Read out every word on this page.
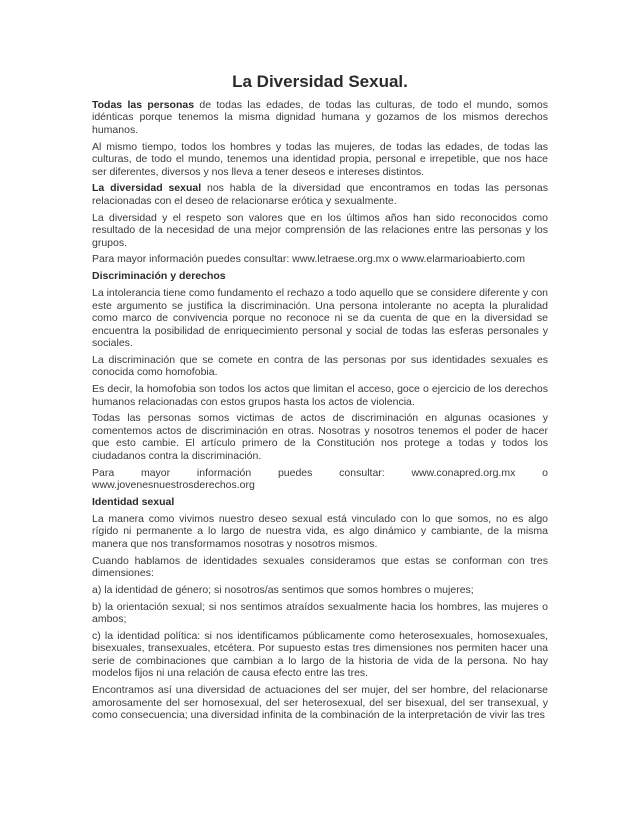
La Diversidad Sexual.

Todas las personas de todas las edades, de todas las culturas, de todo el mundo, somos idénticas porque tenemos la misma dignidad humana y gozamos de los mismos derechos humanos.

Al mismo tiempo, todos los hombres y todas las mujeres, de todas las edades, de todas las culturas, de todo el mundo, tenemos una identidad propia, personal e irrepetible, que nos hace ser diferentes, diversos y nos lleva a tener deseos e intereses distintos.

La diversidad sexual nos habla de la diversidad que encontramos en todas las personas relacionadas con el deseo de relacionarse erótica y sexualmente.

La diversidad y el respeto son valores que en los últimos años han sido reconocidos como resultado de la necesidad de una mejor comprensión de las relaciones entre las personas y los grupos.

Para mayor información puedes consultar: www.letraese.org.mx o www.elarmarioabierto.com

Discriminación y derechos

La intolerancia tiene como fundamento el rechazo a todo aquello que se considere diferente y con este argumento se justifica la discriminación. Una persona intolerante no acepta la pluralidad como marco de convivencia porque no reconoce ni se da cuenta de que en la diversidad se encuentra la posibilidad de enriquecimiento personal y social de todas las esferas personales y sociales.

La discriminación que se comete en contra de las personas por sus identidades sexuales es conocida como homofobia.

Es decir, la homofobia son todos los actos que limitan el acceso, goce o ejercicio de los derechos humanos relacionadas con estos grupos hasta los actos de violencia.

Todas las personas somos victimas de actos de discriminación en algunas ocasiones y comentemos actos de discriminación en otras. Nosotras y nosotros tenemos el poder de hacer que esto cambie. El artículo primero de la Constitución nos protege a todas y todos los ciudadanos contra la discriminación.

Para	mayor	información	puedes	consultar:	www.conapred.org.mx	o
www.jovenesnuestrosderechos.org
Identidad sexual

La manera como vivimos nuestro deseo sexual está vinculado con lo que somos, no es algo rígido ni permanente a lo largo de nuestra vida, es algo dinámico y cambiante, de la misma manera que nos transformamos nosotras y nosotros mismos.

Cuando hablamos de identidades sexuales consideramos que estas se conforman con tres dimensiones:

a) la identidad de género; si nosotros/as sentimos que somos hombres o mujeres;

b) la orientación sexual; si nos sentimos atraídos sexualmente hacia los hombres, las mujeres o ambos;

c) la identidad política: si nos identificamos públicamente como heterosexuales, homosexuales, bisexuales, transexuales, etcétera. Por supuesto estas tres dimensiones nos permiten hacer una serie de combinaciones que cambian a lo largo de la historia de vida de la persona. No hay modelos fijos ni una relación de causa efecto entre las tres.

Encontramos así una diversidad de actuaciones del ser mujer, del ser hombre, del relacionarse amorosamente del ser homosexual, del ser heterosexual, del ser bisexual, del ser transexual, y como consecuencia; una diversidad infinita de la combinación de la interpretación de vivir las tres
